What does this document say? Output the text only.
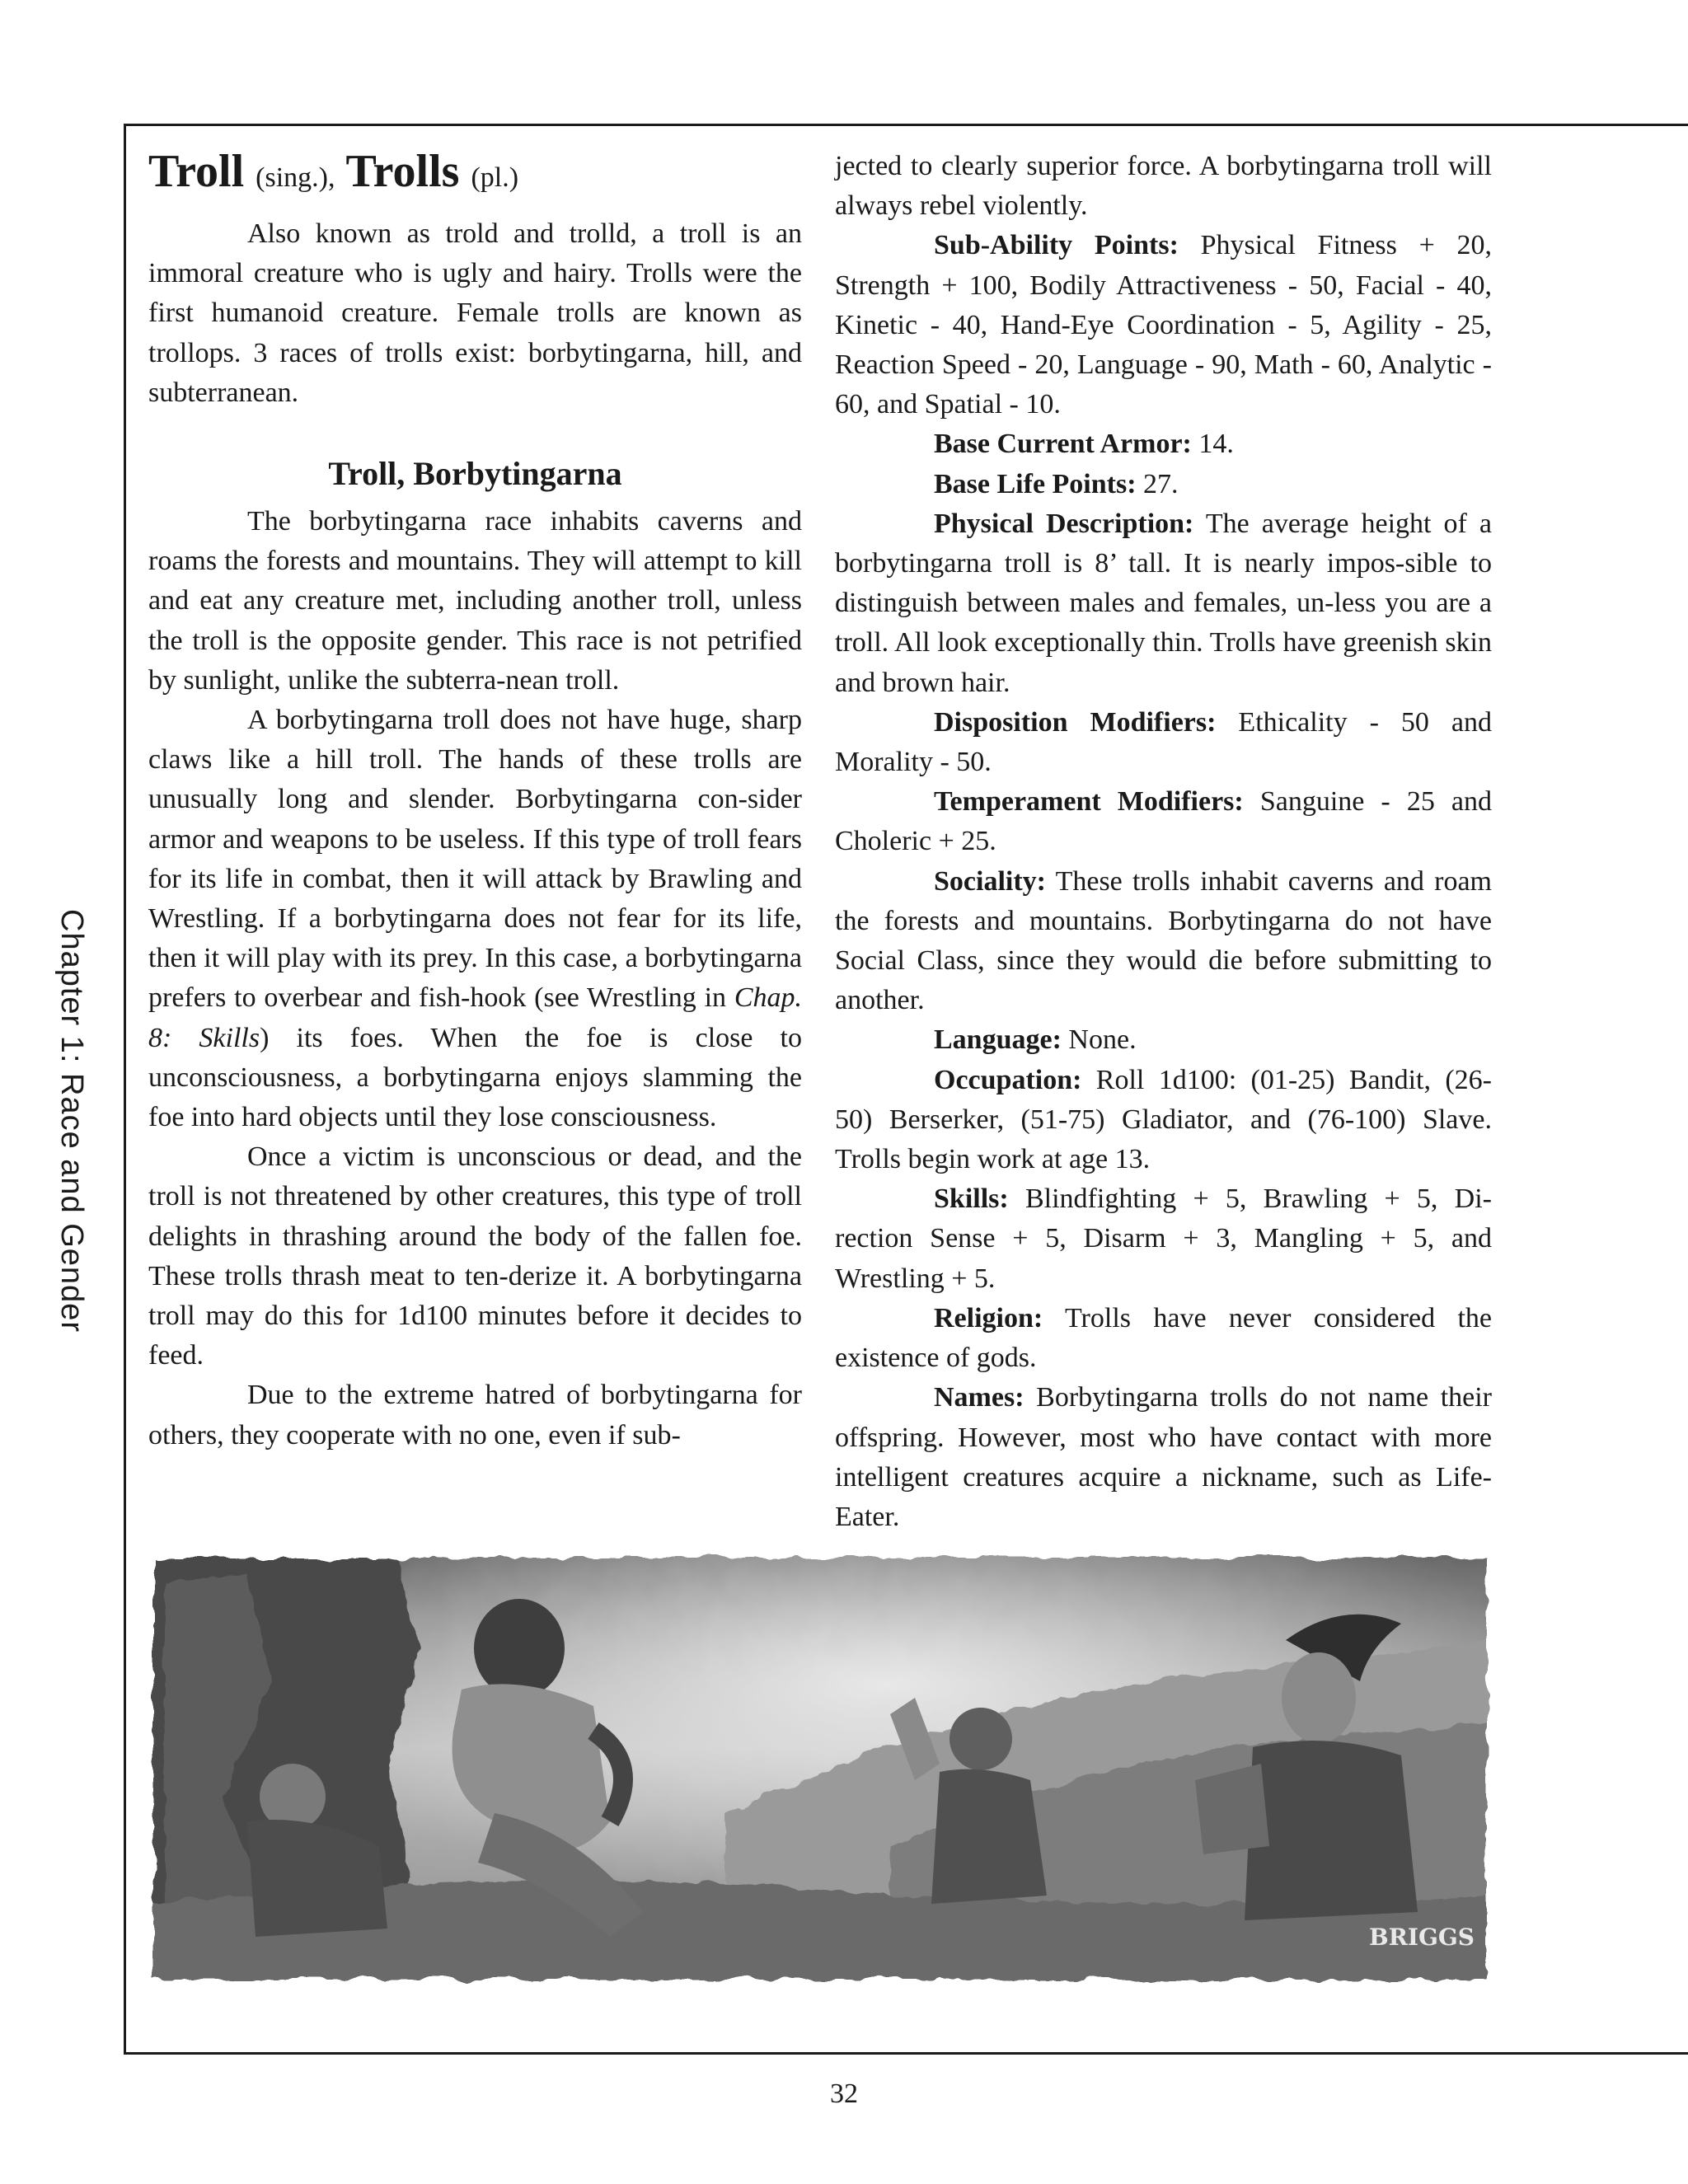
Chapter 1: Race and Gender
Troll (sing.), Trolls (pl.)

Also known as trold and trolld, a troll is an immoral creature who is ugly and hairy. Trolls were the first humanoid creature. Female trolls are known as trollops. 3 races of trolls exist: borbytingarna, hill, and subterranean.

Troll, Borbytingarna

The borbytingarna race inhabits caverns and roams the forests and mountains. They will attempt to kill and eat any creature met, including another troll, unless the troll is the opposite gender. This race is not petrified by sunlight, unlike the subterra-nean troll.

A borbytingarna troll does not have huge, sharp claws like a hill troll. The hands of these trolls are unusually long and slender. Borbytingarna con-sider armor and weapons to be useless. If this type of troll fears for its life in combat, then it will attack by Brawling and Wrestling. If a borbytingarna does not fear for its life, then it will play with its prey. In this case, a borbytingarna prefers to overbear and fish-hook (see Wrestling in Chap. 8: Skills) its foes. When the foe is close to unconsciousness, a borbytingarna enjoys slamming the foe into hard objects until they lose consciousness.

Once a victim is unconscious or dead, and the troll is not threatened by other creatures, this type of troll delights in thrashing around the body of the fallen foe. These trolls thrash meat to ten-derize it. A borbytingarna troll may do this for 1d100 minutes before it decides to feed.

Due to the extreme hatred of borbytingarna for others, they cooperate with no one, even if sub-

jected to clearly superior force. A borbytingarna troll will always rebel violently.

Sub-Ability Points: Physical Fitness + 20, Strength + 100, Bodily Attractiveness - 50, Facial - 40, Kinetic - 40, Hand-Eye Coordination - 5, Agility - 25, Reaction Speed - 20, Language - 90, Math - 60, Analytic - 60, and Spatial - 10.

Base Current Armor: 14.

Base Life Points: 27.

Physical Description: The average height of a borbytingarna troll is 8’ tall. It is nearly impos-sible to distinguish between males and females, un-less you are a troll. All look exceptionally thin. Trolls have greenish skin and brown hair.

Disposition Modifiers: Ethicality - 50 and Morality - 50.

Temperament Modifiers: Sanguine - 25 and Choleric + 25.

Sociality: These trolls inhabit caverns and roam the forests and mountains. Borbytingarna do not have Social Class, since they would die before submitting to another.

Language: None.

Occupation: Roll 1d100: (01-25) Bandit, (26-50) Berserker, (51-75) Gladiator, and (76-100) Slave. Trolls begin work at age 13.

Skills: Blindfighting + 5, Brawling + 5, Di-rection Sense + 5, Disarm + 3, Mangling + 5, and Wrestling + 5.

Religion: Trolls have never considered the existence of gods.

Names: Borbytingarna trolls do not name their offspring. However, most who have contact with more intelligent creatures acquire a nickname, such as Life-Eater.

BRIGGS
32
